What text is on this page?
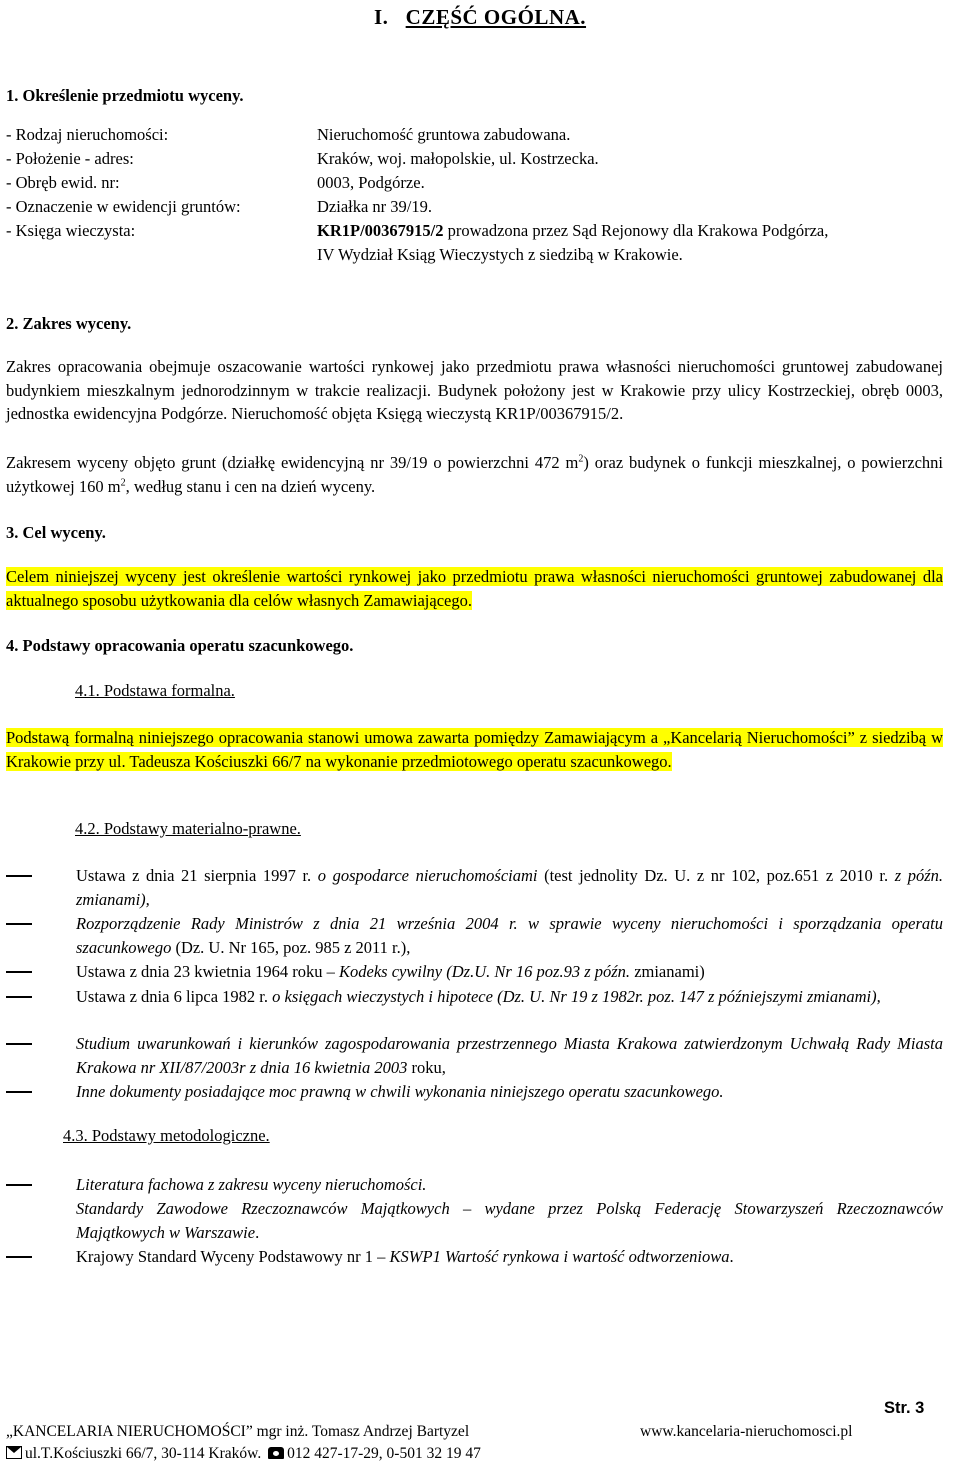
I. CZĘŚĆ OGÓLNA.
1. Określenie przedmiotu wyceny.
- Rodzaj nieruchomości:	Nieruchomość gruntowa zabudowana.
- Położenie - adres:	Kraków, woj. małopolskie, ul. Kostrzecka.
- Obręb ewid. nr:	0003, Podgórze.
- Oznaczenie w ewidencji gruntów:	Działka nr 39/19.
- Księga wieczysta:	KR1P/00367915/2 prowadzona przez Sąd Rejonowy dla Krakowa Podgórza,
IV Wydział Ksiąg Wieczystych z siedzibą w Krakowie.
2. Zakres wyceny.
Zakres opracowania obejmuje oszacowanie wartości rynkowej jako przedmiotu prawa własności nieruchomości gruntowej zabudowanej budynkiem mieszkalnym jednorodzinnym w trakcie realizacji. Budynek położony jest w Krakowie przy ulicy Kostrzeckiej, obręb 0003, jednostka ewidencyjna Podgórze. Nieruchomość objęta Księgą wieczystą KR1P/00367915/2.
Zakresem wyceny objęto grunt (działkę ewidencyjną nr 39/19 o powierzchni 472 $m^2$) oraz budynek o funkcji mieszkalnej, o powierzchni użytkowej 160 $m^2$, według stanu i cen na dzień wyceny.
3. Cel wyceny.
Celem niniejszej wyceny jest określenie wartości rynkowej jako przedmiotu prawa własności nieruchomości gruntowej zabudowanej dla aktualnego sposobu użytkowania dla celów własnych Zamawiającego.
4. Podstawy opracowania operatu szacunkowego.
4.1. Podstawa formalna.
Podstawą formalną niniejszego opracowania stanowi umowa zawarta pomiędzy Zamawiającym a „Kancelarią Nieruchomości” z siedzibą w Krakowie przy ul. Tadeusza Kościuszki 66/7 na wykonanie przedmiotowego operatu szacunkowego.
4.2. Podstawy materialno-prawne.
Ustawa z dnia 21 sierpnia 1997 r. o gospodarce nieruchomościami (test jednolity Dz. U. z nr 102, poz.651 z 2010 r. z późn. zmianami),
Rozporządzenie Rady Ministrów z dnia 21 września 2004 r. w sprawie wyceny nieruchomości i sporządzania operatu szacunkowego (Dz. U. Nr 165, poz. 985 z 2011 r.),
Ustawa z dnia 23 kwietnia 1964 roku – Kodeks cywilny (Dz.U. Nr 16 poz.93 z późn. zmianami)
Ustawa z dnia 6 lipca 1982 r. o księgach wieczystych i hipotece (Dz. U. Nr 19 z 1982r. poz. 147 z późniejszymi zmianami),
Studium uwarunkowań i kierunków zagospodarowania przestrzennego Miasta Krakowa zatwierdzonym Uchwałą Rady Miasta Krakowa nr XII/87/2003r z dnia 16 kwietnia 2003 roku,
Inne dokumenty posiadające moc prawną w chwili wykonania niniejszego operatu szacunkowego.
4.3. Podstawy metodologiczne.
Literatura fachowa z zakresu wyceny nieruchomości.
Standardy Zawodowe Rzeczoznawców Majątkowych – wydane przez Polską Federację Stowarzyszeń Rzeczoznawców Majątkowych w Warszawie.
Krajowy Standard Wyceny Podstawowy nr 1 – KSWP1 Wartość rynkowa i wartość odtworzeniowa.
Str. 3
„KANCELARIA NIERUCHOMOŚCI” mgr inż. Tomasz Andrzej Bartyzel	www.kancelaria-nieruchomosci.pl
ul.T.Kościuszki 66/7, 30-114 Kraków. 012 427-17-29, 0-501 32 19 47
